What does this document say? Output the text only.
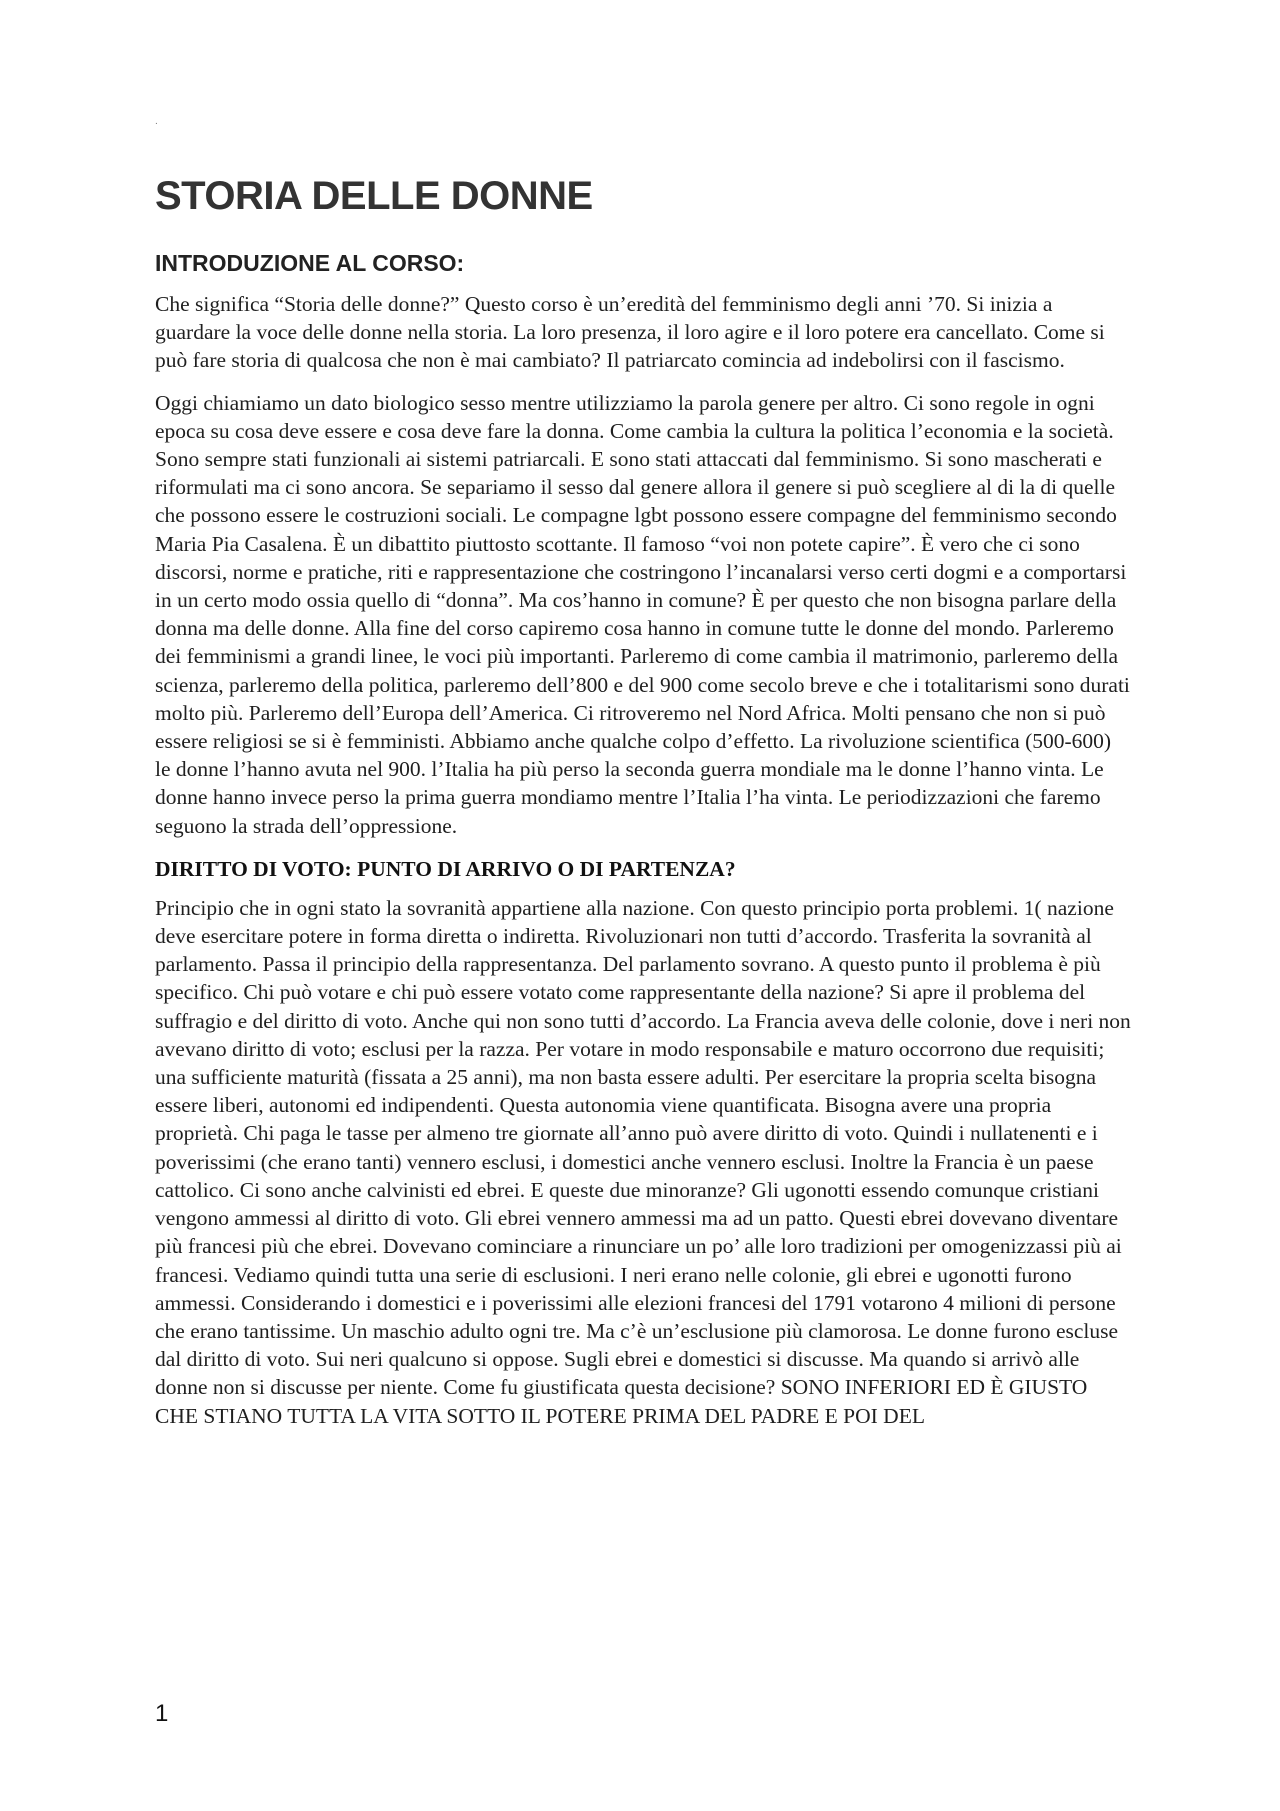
.
STORIA DELLE DONNE
INTRODUZIONE AL CORSO:

Che significa “Storia delle donne?” Questo corso è un’eredità del femminismo degli anni ’70. Si inizia a guardare la voce delle donne nella storia. La loro presenza, il loro agire e il loro potere era cancellato. Come si può fare storia di qualcosa che non è mai cambiato? Il patriarcato comincia ad indebolirsi con il fascismo.

Oggi chiamiamo un dato biologico sesso mentre utilizziamo la parola genere per altro. Ci sono regole in ogni epoca su cosa deve essere e cosa deve fare la donna. Come cambia la cultura la politica l’economia e la società. Sono sempre stati funzionali ai sistemi patriarcali. E sono stati attaccati dal femminismo. Si sono mascherati e riformulati ma ci sono ancora. Se separiamo il sesso dal genere allora il genere si può scegliere al di la di quelle che possono essere le costruzioni sociali. Le compagne lgbt possono essere compagne del femminismo secondo Maria Pia Casalena. È un dibattito piuttosto scottante. Il famoso “voi non potete capire”. È vero che ci sono discorsi, norme e pratiche, riti e rappresentazione che costringono l’incanalarsi verso certi dogmi e a comportarsi in un certo modo ossia quello di “donna”. Ma cos’hanno in comune? È per questo che non bisogna parlare della donna ma delle donne. Alla fine del corso capiremo cosa hanno in comune tutte le donne del mondo. Parleremo dei femminismi a grandi linee, le voci più importanti. Parleremo di come cambia il matrimonio, parleremo della scienza, parleremo della politica, parleremo dell’800 e del 900 come secolo breve e che i totalitarismi sono durati molto più. Parleremo dell’Europa dell’America. Ci ritroveremo nel Nord Africa. Molti pensano che non si può essere religiosi se si è femministi. Abbiamo anche qualche colpo d’effetto. La rivoluzione scientifica (500-600) le donne l’hanno avuta nel 900. l’Italia ha più perso la seconda guerra mondiale ma le donne l’hanno vinta. Le donne hanno invece perso la prima guerra mondiamo mentre l’Italia l’ha vinta. Le periodizzazioni che faremo seguono la strada dell’oppressione.

DIRITTO DI VOTO: PUNTO DI ARRIVO O DI PARTENZA?

Principio che in ogni stato la sovranità appartiene alla nazione. Con questo principio porta problemi. 1( nazione deve esercitare potere in forma diretta o indiretta. Rivoluzionari non tutti d’accordo. Trasferita la sovranità al parlamento. Passa il principio della rappresentanza. Del parlamento sovrano. A questo punto il problema è più specifico. Chi può votare e chi può essere votato come rappresentante della nazione? Si apre il problema del suffragio e del diritto di voto. Anche qui non sono tutti d’accordo. La Francia aveva delle colonie, dove i neri non avevano diritto di voto; esclusi per la razza. Per votare in modo responsabile e maturo occorrono due requisiti; una sufficiente maturità (fissata a 25 anni), ma non basta essere adulti. Per esercitare la propria scelta bisogna essere liberi, autonomi ed indipendenti. Questa autonomia viene quantificata. Bisogna avere una propria proprietà. Chi paga le tasse per almeno tre giornate all’anno può avere diritto di voto. Quindi i nullatenenti e i poverissimi (che erano tanti) vennero esclusi, i domestici anche vennero esclusi. Inoltre la Francia è un paese cattolico. Ci sono anche calvinisti ed ebrei. E queste due minoranze? Gli ugonotti essendo comunque cristiani vengono ammessi al diritto di voto. Gli ebrei vennero ammessi ma ad un patto. Questi ebrei dovevano diventare più francesi più che ebrei. Dovevano cominciare a rinunciare un po’ alle loro tradizioni per omogenizzassi più ai francesi. Vediamo quindi tutta una serie di esclusioni. I neri erano nelle colonie, gli ebrei e ugonotti furono ammessi. Considerando i domestici e i poverissimi alle elezioni francesi del 1791 votarono 4 milioni di persone che erano tantissime. Un maschio adulto ogni tre. Ma c’è un’esclusione più clamorosa. Le donne furono escluse dal diritto di voto. Sui neri qualcuno si oppose. Sugli ebrei e domestici si discusse. Ma quando si arrivò alle donne non si discusse per niente. Come fu giustificata questa decisione? SONO INFERIORI ED È GIUSTO CHE STIANO TUTTA LA VITA SOTTO IL POTERE PRIMA DEL PADRE E POI DEL

1
